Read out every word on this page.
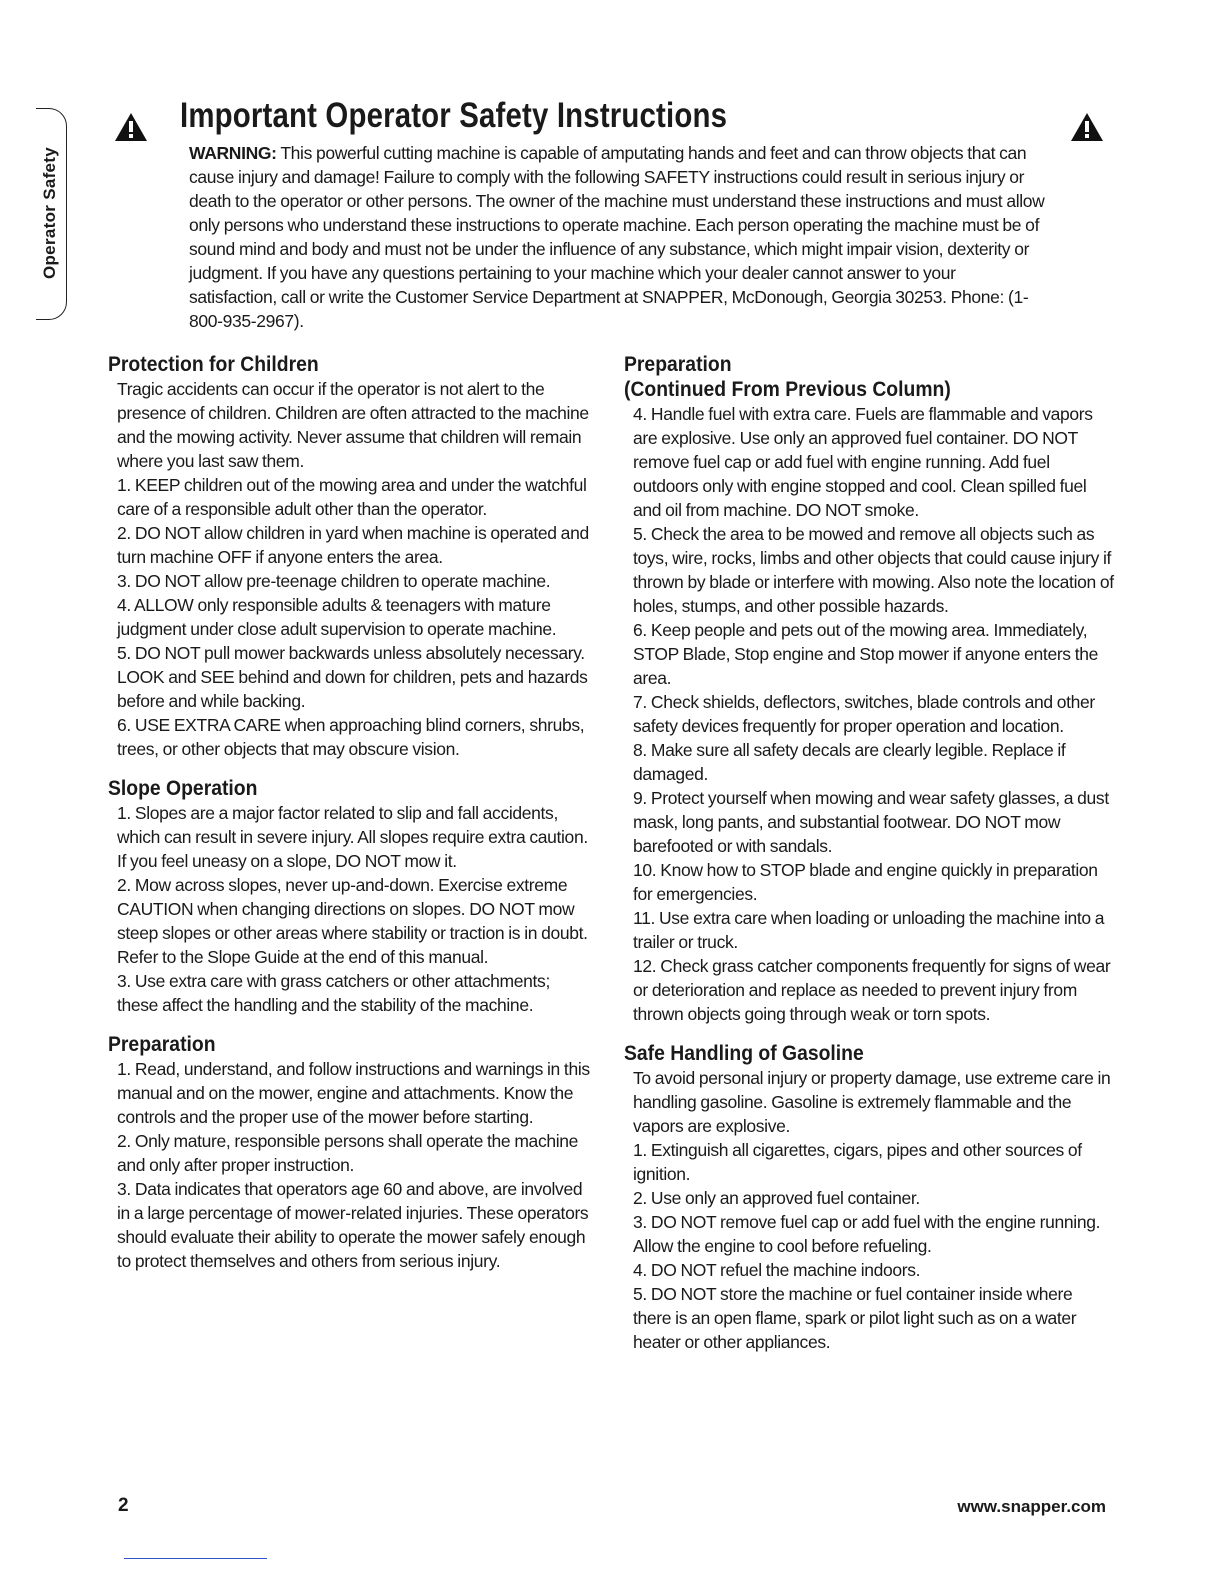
Operator Safety
Important Operator Safety Instructions
WARNING: This powerful cutting machine is capable of amputating hands and feet and can throw objects that can cause injury and damage! Failure to comply with the following SAFETY instructions could result in serious injury or death to the operator or other persons. The owner of the machine must understand these instructions and must allow only persons who understand these instructions to operate machine. Each person operating the machine must be of sound mind and body and must not be under the influence of any substance, which might impair vision, dexterity or judgment. If you have any questions pertaining to your machine which your dealer cannot answer to your satisfaction, call or write the Customer Service Department at SNAPPER, McDonough, Georgia 30253. Phone: (1-800-935-2967).
Protection for Children

Tragic accidents can occur if the operator is not alert to the presence of children. Children are often attracted to the machine and the mowing activity. Never assume that children will remain where you last saw them.

1. KEEP children out of the mowing area and under the watchful care of a responsible adult other than the operator.

2. DO NOT allow children in yard when machine is operated and turn machine OFF if anyone enters the area.

3. DO NOT allow pre-teenage children to operate machine.

4. ALLOW only responsible adults & teenagers with mature judgment under close adult supervision to operate machine.

5. DO NOT pull mower backwards unless absolutely necessary. LOOK and SEE behind and down for children, pets and hazards before and while backing.

6. USE EXTRA CARE when approaching blind corners, shrubs, trees, or other objects that may obscure vision.

Slope Operation

1. Slopes are a major factor related to slip and fall accidents, which can result in severe injury. All slopes require extra caution. If you feel uneasy on a slope, DO NOT mow it.

2. Mow across slopes, never up-and-down. Exercise extreme CAUTION when changing directions on slopes. DO NOT mow steep slopes or other areas where stability or traction is in doubt. Refer to the Slope Guide at the end of this manual.

3. Use extra care with grass catchers or other attachments; these affect the handling and the stability of the machine.

Preparation

1. Read, understand, and follow instructions and warnings in this manual and on the mower, engine and attachments. Know the controls and the proper use of the mower before starting.

2. Only mature, responsible persons shall operate the machine and only after proper instruction.

3. Data indicates that operators age 60 and above, are involved in a large percentage of mower-related injuries. These operators should evaluate their ability to operate the mower safely enough to protect themselves and others from serious injury.

Preparation
(Continued From Previous Column)

4. Handle fuel with extra care. Fuels are flammable and vapors are explosive. Use only an approved fuel container. DO NOT remove fuel cap or add fuel with engine running. Add fuel outdoors only with engine stopped and cool. Clean spilled fuel and oil from machine. DO NOT smoke.

5. Check the area to be mowed and remove all objects such as toys, wire, rocks, limbs and other objects that could cause injury if thrown by blade or interfere with mowing. Also note the location of holes, stumps, and other possible hazards.

6. Keep people and pets out of the mowing area. Immediately, STOP Blade, Stop engine and Stop mower if anyone enters the area.

7. Check shields, deflectors, switches, blade controls and other safety devices frequently for proper operation and location.

8. Make sure all safety decals are clearly legible. Replace if damaged.

9. Protect yourself when mowing and wear safety glasses, a dust mask, long pants, and substantial footwear. DO NOT mow barefooted or with sandals.

10. Know how to STOP blade and engine quickly in preparation for emergencies.

11. Use extra care when loading or unloading the machine into a trailer or truck.

12. Check grass catcher components frequently for signs of wear or deterioration and replace as needed to prevent injury from thrown objects going through weak or torn spots.

Safe Handling of Gasoline

To avoid personal injury or property damage, use extreme care in handling gasoline. Gasoline is extremely flammable and the vapors are explosive.

1. Extinguish all cigarettes, cigars, pipes and other sources of ignition.

2. Use only an approved fuel container.

3. DO NOT remove fuel cap or add fuel with the engine running. Allow the engine to cool before refueling.

4. DO NOT refuel the machine indoors.

5. DO NOT store the machine or fuel container inside where there is an open flame, spark or pilot light such as on a water heater or other appliances.

2	www.snapper.com
